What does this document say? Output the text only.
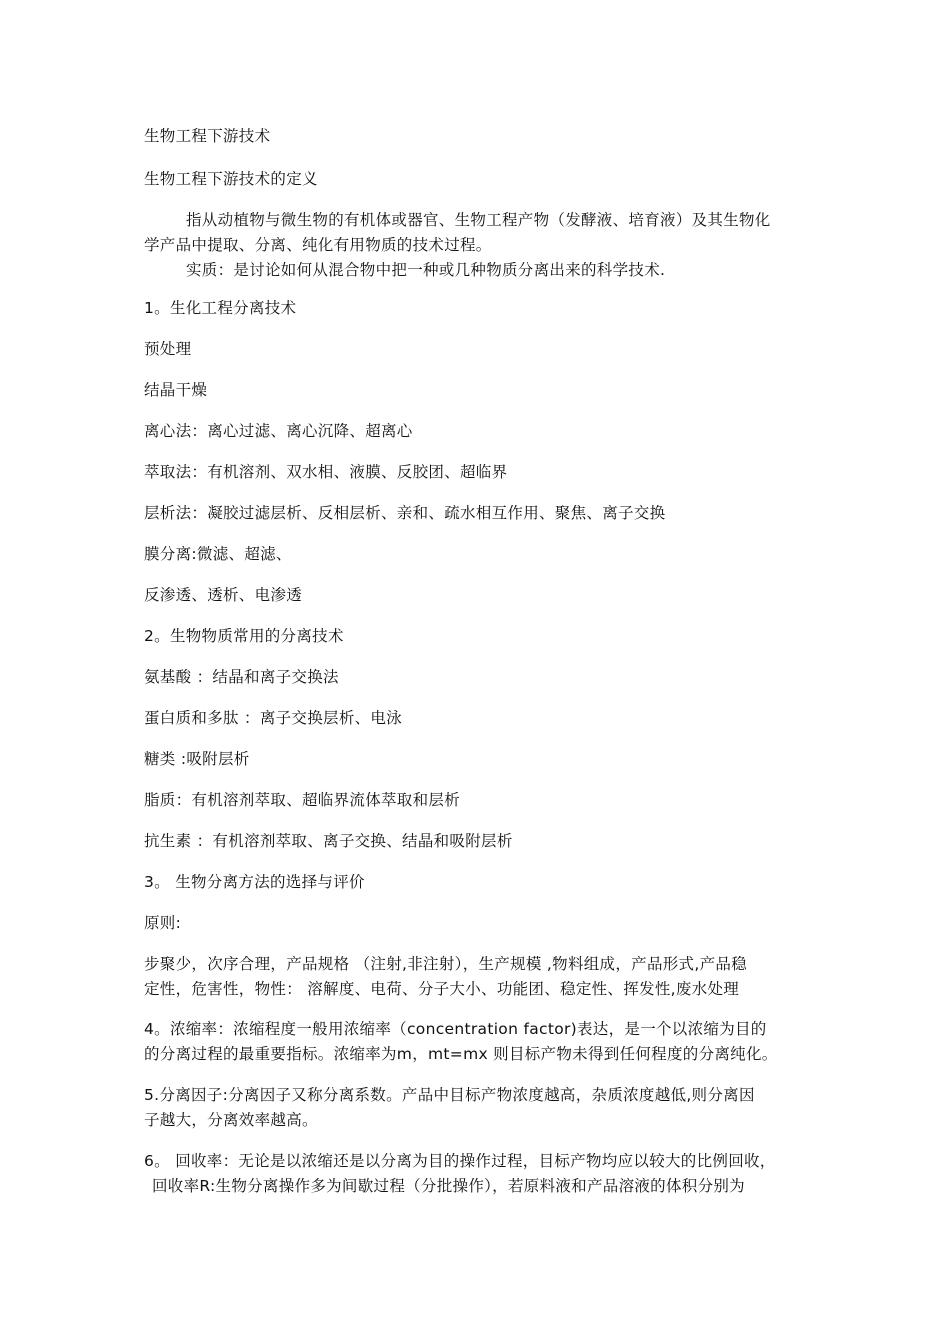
生物工程下游技术
生物工程下游技术的定义
指从动植物与微生物的有机体或器官、生物工程产物（发酵液、培育液）及其生物化
学产品中提取、分离、纯化有用物质的技术过程。
实质：是讨论如何从混合物中把一种或几种物质分离出来的科学技术.
1。生化工程分离技术
预处理
结晶干燥
离心法：离心过滤、离心沉降、超离心
萃取法：有机溶剂、双水相、液膜、反胶团、超临界
层析法：凝胶过滤层析、反相层析、亲和、疏水相互作用、聚焦、离子交换
膜分离:微滤、超滤、
反渗透、透析、电渗透
2。生物物质常用的分离技术
氨基酸 ：结晶和离子交换法
蛋白质和多肽 ：离子交换层析、电泳
糖类 :吸附层析
脂质：有机溶剂萃取、超临界流体萃取和层析
抗生素 ：有机溶剂萃取、离子交换、结晶和吸附层析
3。 生物分离方法的选择与评价
原则:
步聚少，次序合理，产品规格 （注射,非注射），生产规模 ,物料组成，产品形式,产品稳
定性，危害性，物性： 溶解度、电荷、分子大小、功能团、稳定性、挥发性,废水处理
4。浓缩率：浓缩程度一般用浓缩率（concentration factor)表达，是一个以浓缩为目的
的分离过程的最重要指标。浓缩率为m，mt=mx 则目标产物未得到任何程度的分离纯化。
5.分离因子:分离因子又称分离系数。产品中目标产物浓度越高，杂质浓度越低,则分离因
子越大，分离效率越高。
6。 回收率：无论是以浓缩还是以分离为目的操作过程，目标产物均应以较大的比例回收，
回收率R:生物分离操作多为间歇过程（分批操作），若原料液和产品溶液的体积分别为
